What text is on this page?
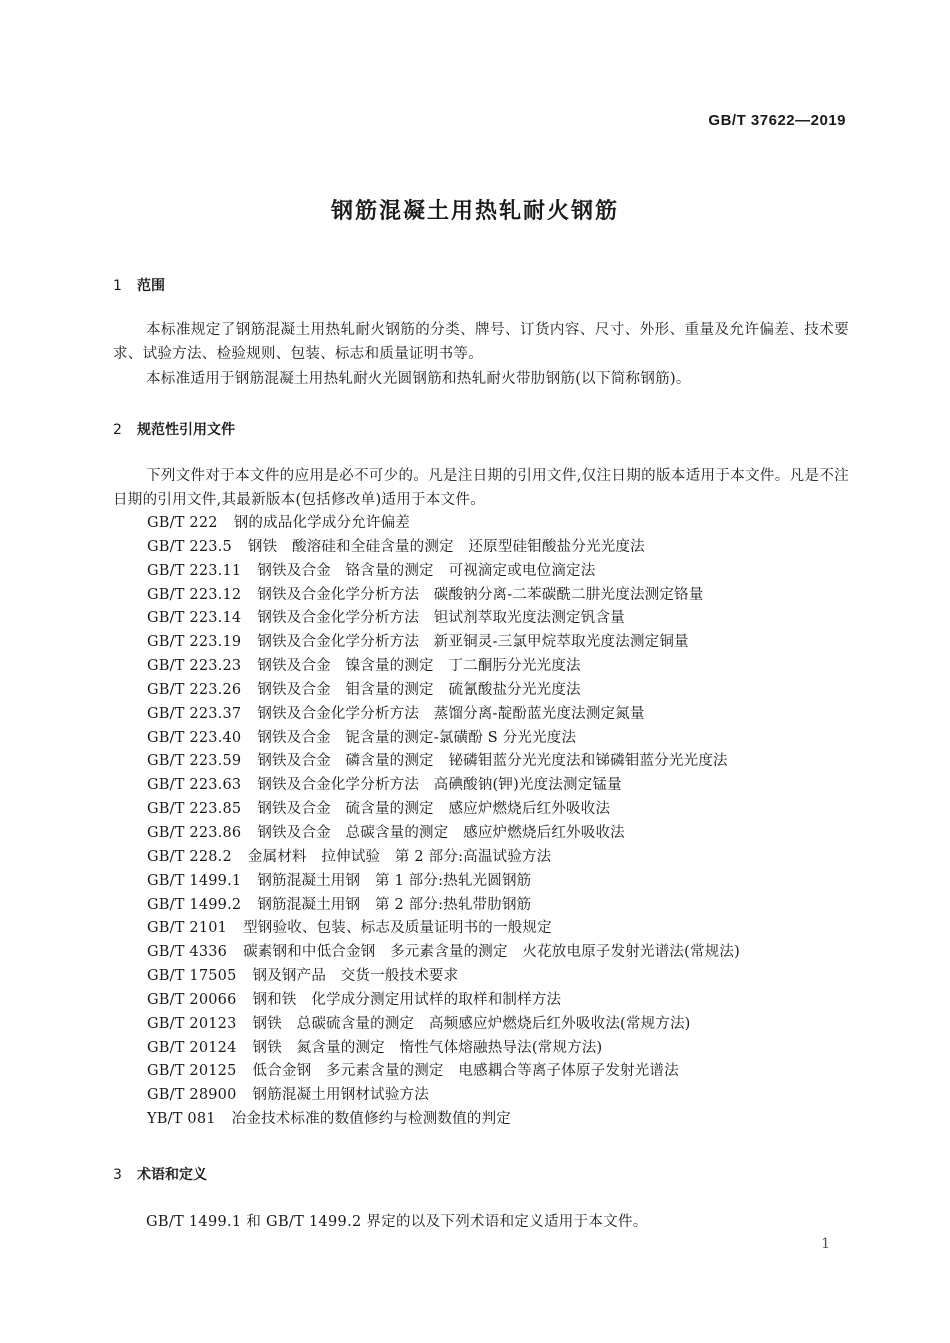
GB/T 37622—2019
钢筋混凝土用热轧耐火钢筋
1 范围
本标准规定了钢筋混凝土用热轧耐火钢筋的分类、牌号、订货内容、尺寸、外形、重量及允许偏差、技术要求、试验方法、检验规则、包装、标志和质量证明书等。
本标准适用于钢筋混凝土用热轧耐火光圆钢筋和热轧耐火带肋钢筋(以下简称钢筋)。
2 规范性引用文件
下列文件对于本文件的应用是必不可少的。凡是注日期的引用文件,仅注日期的版本适用于本文件。凡是不注日期的引用文件,其最新版本(包括修改单)适用于本文件。
GB/T 222 钢的成品化学成分允许偏差
GB/T 223.5 钢铁　酸溶硅和全硅含量的测定　还原型硅钼酸盐分光光度法
GB/T 223.11 钢铁及合金　铬含量的测定　可视滴定或电位滴定法
GB/T 223.12 钢铁及合金化学分析方法　碳酸钠分离-二苯碳酰二肼光度法测定铬量
GB/T 223.14 钢铁及合金化学分析方法　钽试剂萃取光度法测定钒含量
GB/T 223.19 钢铁及合金化学分析方法　新亚铜灵-三氯甲烷萃取光度法测定铜量
GB/T 223.23 钢铁及合金　镍含量的测定　丁二酮肟分光光度法
GB/T 223.26 钢铁及合金　钼含量的测定　硫氰酸盐分光光度法
GB/T 223.37 钢铁及合金化学分析方法　蒸馏分离-靛酚蓝光度法测定氮量
GB/T 223.40 钢铁及合金　铌含量的测定-氯磺酚 S 分光光度法
GB/T 223.59 钢铁及合金　磷含量的测定　铋磷钼蓝分光光度法和锑磷钼蓝分光光度法
GB/T 223.63 钢铁及合金化学分析方法　高碘酸钠(钾)光度法测定锰量
GB/T 223.85 钢铁及合金　硫含量的测定　感应炉燃烧后红外吸收法
GB/T 223.86 钢铁及合金　总碳含量的测定　感应炉燃烧后红外吸收法
GB/T 228.2 金属材料　拉伸试验　第 2 部分:高温试验方法
GB/T 1499.1 钢筋混凝土用钢　第 1 部分:热轧光圆钢筋
GB/T 1499.2 钢筋混凝土用钢　第 2 部分:热轧带肋钢筋
GB/T 2101 型钢验收、包装、标志及质量证明书的一般规定
GB/T 4336 碳素钢和中低合金钢　多元素含量的测定　火花放电原子发射光谱法(常规法)
GB/T 17505 钢及钢产品　交货一般技术要求
GB/T 20066 钢和铁　化学成分测定用试样的取样和制样方法
GB/T 20123 钢铁　总碳硫含量的测定　高频感应炉燃烧后红外吸收法(常规方法)
GB/T 20124 钢铁　氮含量的测定　惰性气体熔融热导法(常规方法)
GB/T 20125 低合金钢　多元素含量的测定　电感耦合等离子体原子发射光谱法
GB/T 28900 钢筋混凝土用钢材试验方法
YB/T 081 冶金技术标准的数值修约与检测数值的判定
3 术语和定义
GB/T 1499.1 和 GB/T 1499.2 界定的以及下列术语和定义适用于本文件。
1
